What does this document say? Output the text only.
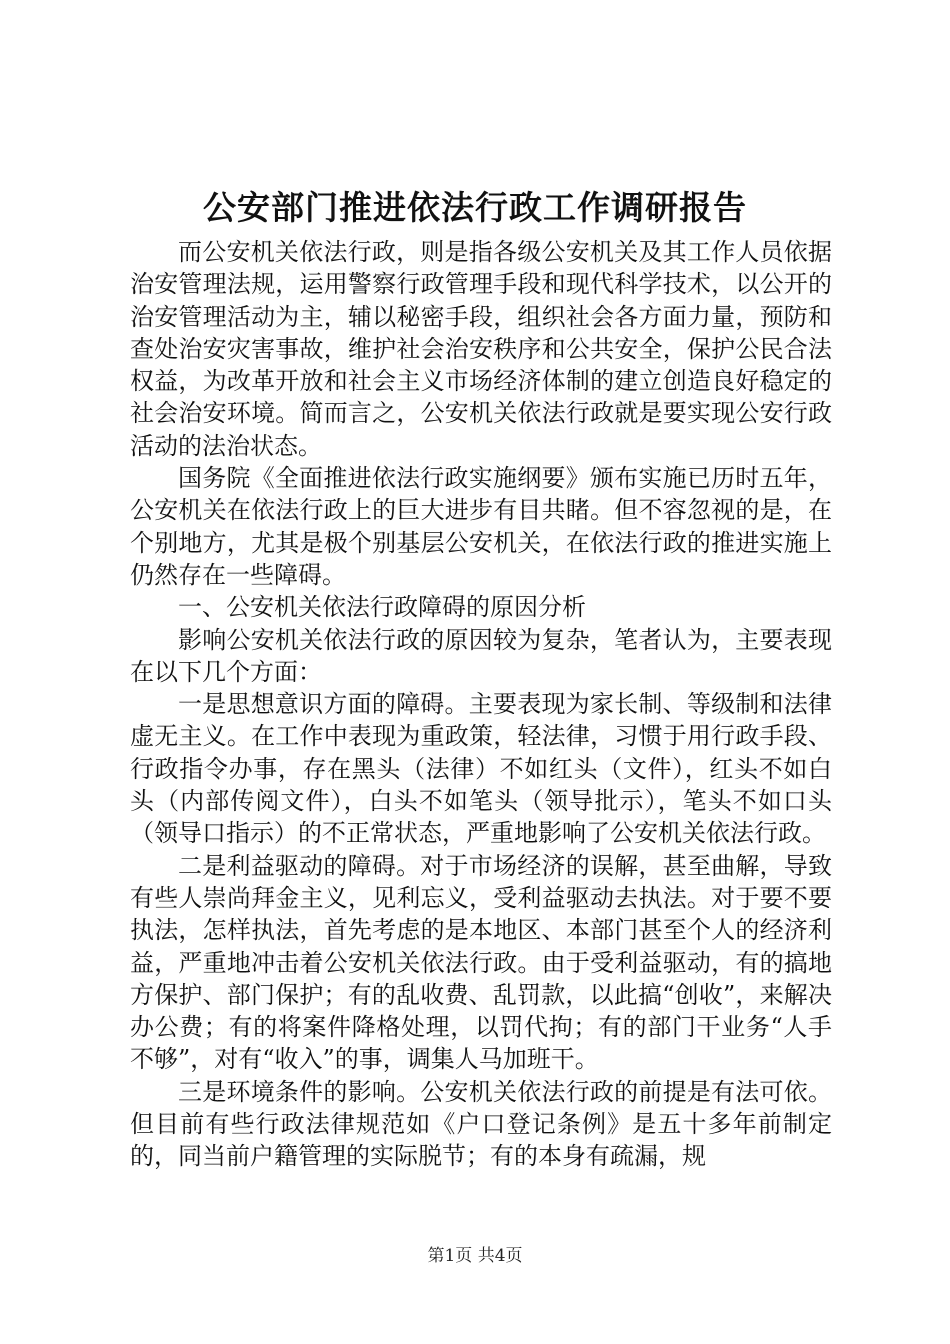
公安部门推进依法行政工作调研报告

而公安机关依法行政，则是指各级公安机关及其工作人员依据治安管理法规，运用警察行政管理手段和现代科学技术，以公开的治安管理活动为主，辅以秘密手段，组织社会各方面力量，预防和查处治安灾害事故，维护社会治安秩序和公共安全，保护公民合法权益，为改革开放和社会主义市场经济体制的建立创造良好稳定的社会治安环境。简而言之，公安机关依法行政就是要实现公安行政活动的法治状态。

国务院《全面推进依法行政实施纲要》颁布实施已历时五年，公安机关在依法行政上的巨大进步有目共睹。但不容忽视的是，在个别地方，尤其是极个别基层公安机关，在依法行政的推进实施上仍然存在一些障碍。

一、公安机关依法行政障碍的原因分析

影响公安机关依法行政的原因较为复杂，笔者认为，主要表现在以下几个方面：

一是思想意识方面的障碍。主要表现为家长制、等级制和法律虚无主义。在工作中表现为重政策，轻法律，习惯于用行政手段、行政指令办事，存在黑头（法律）不如红头（文件），红头不如白头（内部传阅文件），白头不如笔头（领导批示），笔头不如口头（领导口指示）的不正常状态，严重地影响了公安机关依法行政。

二是利益驱动的障碍。对于市场经济的误解，甚至曲解，导致有些人崇尚拜金主义，见利忘义，受利益驱动去执法。对于要不要执法，怎样执法，首先考虑的是本地区、本部门甚至个人的经济利益，严重地冲击着公安机关依法行政。由于受利益驱动，有的搞地方保护、部门保护；有的乱收费、乱罚款，以此搞“创收”，来解决办公费；有的将案件降格处理，以罚代拘；有的部门干业务“人手不够”，对有“收入”的事，调集人马加班干。

三是环境条件的影响。公安机关依法行政的前提是有法可依。但目前有些行政法律规范如《户口登记条例》是五十多年前制定的，同当前户籍管理的实际脱节；有的本身有疏漏，规

第1页 共4页
